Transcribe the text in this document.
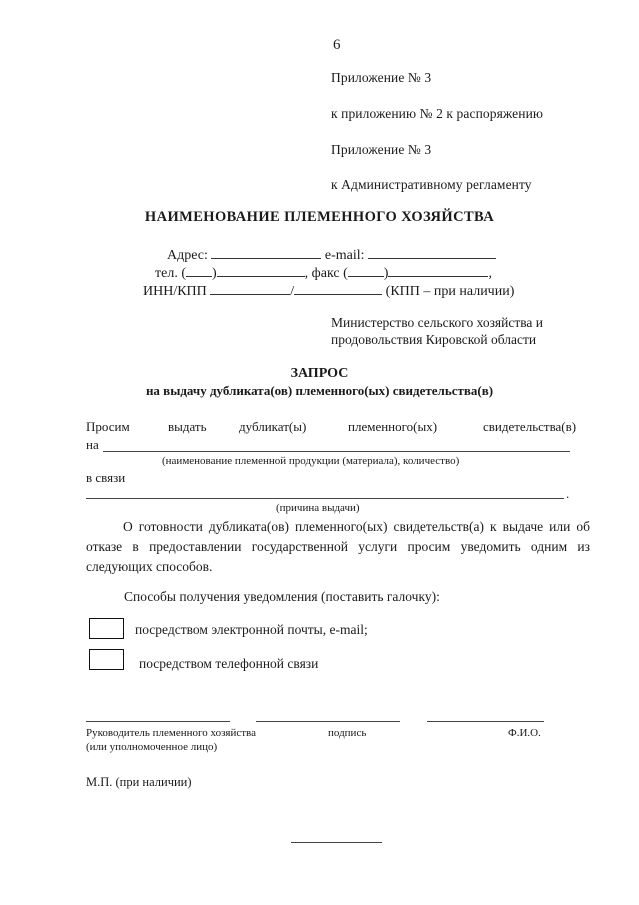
6
Приложение № 3
к приложению № 2 к распоряжению
Приложение № 3
к Административному регламенту
НАИМЕНОВАНИЕ ПЛЕМЕННОГО ХОЗЯЙСТВА
Адрес:	e-mail:
тел. ( )	, факс (	)	,
ИНН/КПП	/	(КПП – при наличии)
Министерство сельского хозяйства и
продовольствия Кировской области
ЗАПРОС
на выдачу дубликата(ов) племенного(ых) свидетельства(в)
Просим	выдать дубликат(ы)	племенного(ых)	свидетельства(в)
на
(наименование племенной продукции (материала), количество)
в связи
.
(причина выдачи)
О готовности дубликата(ов) племенного(ых) свидетельств(а) к выдаче или об отказе в предоставлении государственной услуги просим уведомить одним из следующих способов.
Способы получения уведомления (поставить галочку):
посредством электронной почты, e-mail;
посредством телефонной связи
Руководитель племенного хозяйства
(или уполномоченное лицо)
подпись	Ф.И.О.
М.П. (при наличии)
